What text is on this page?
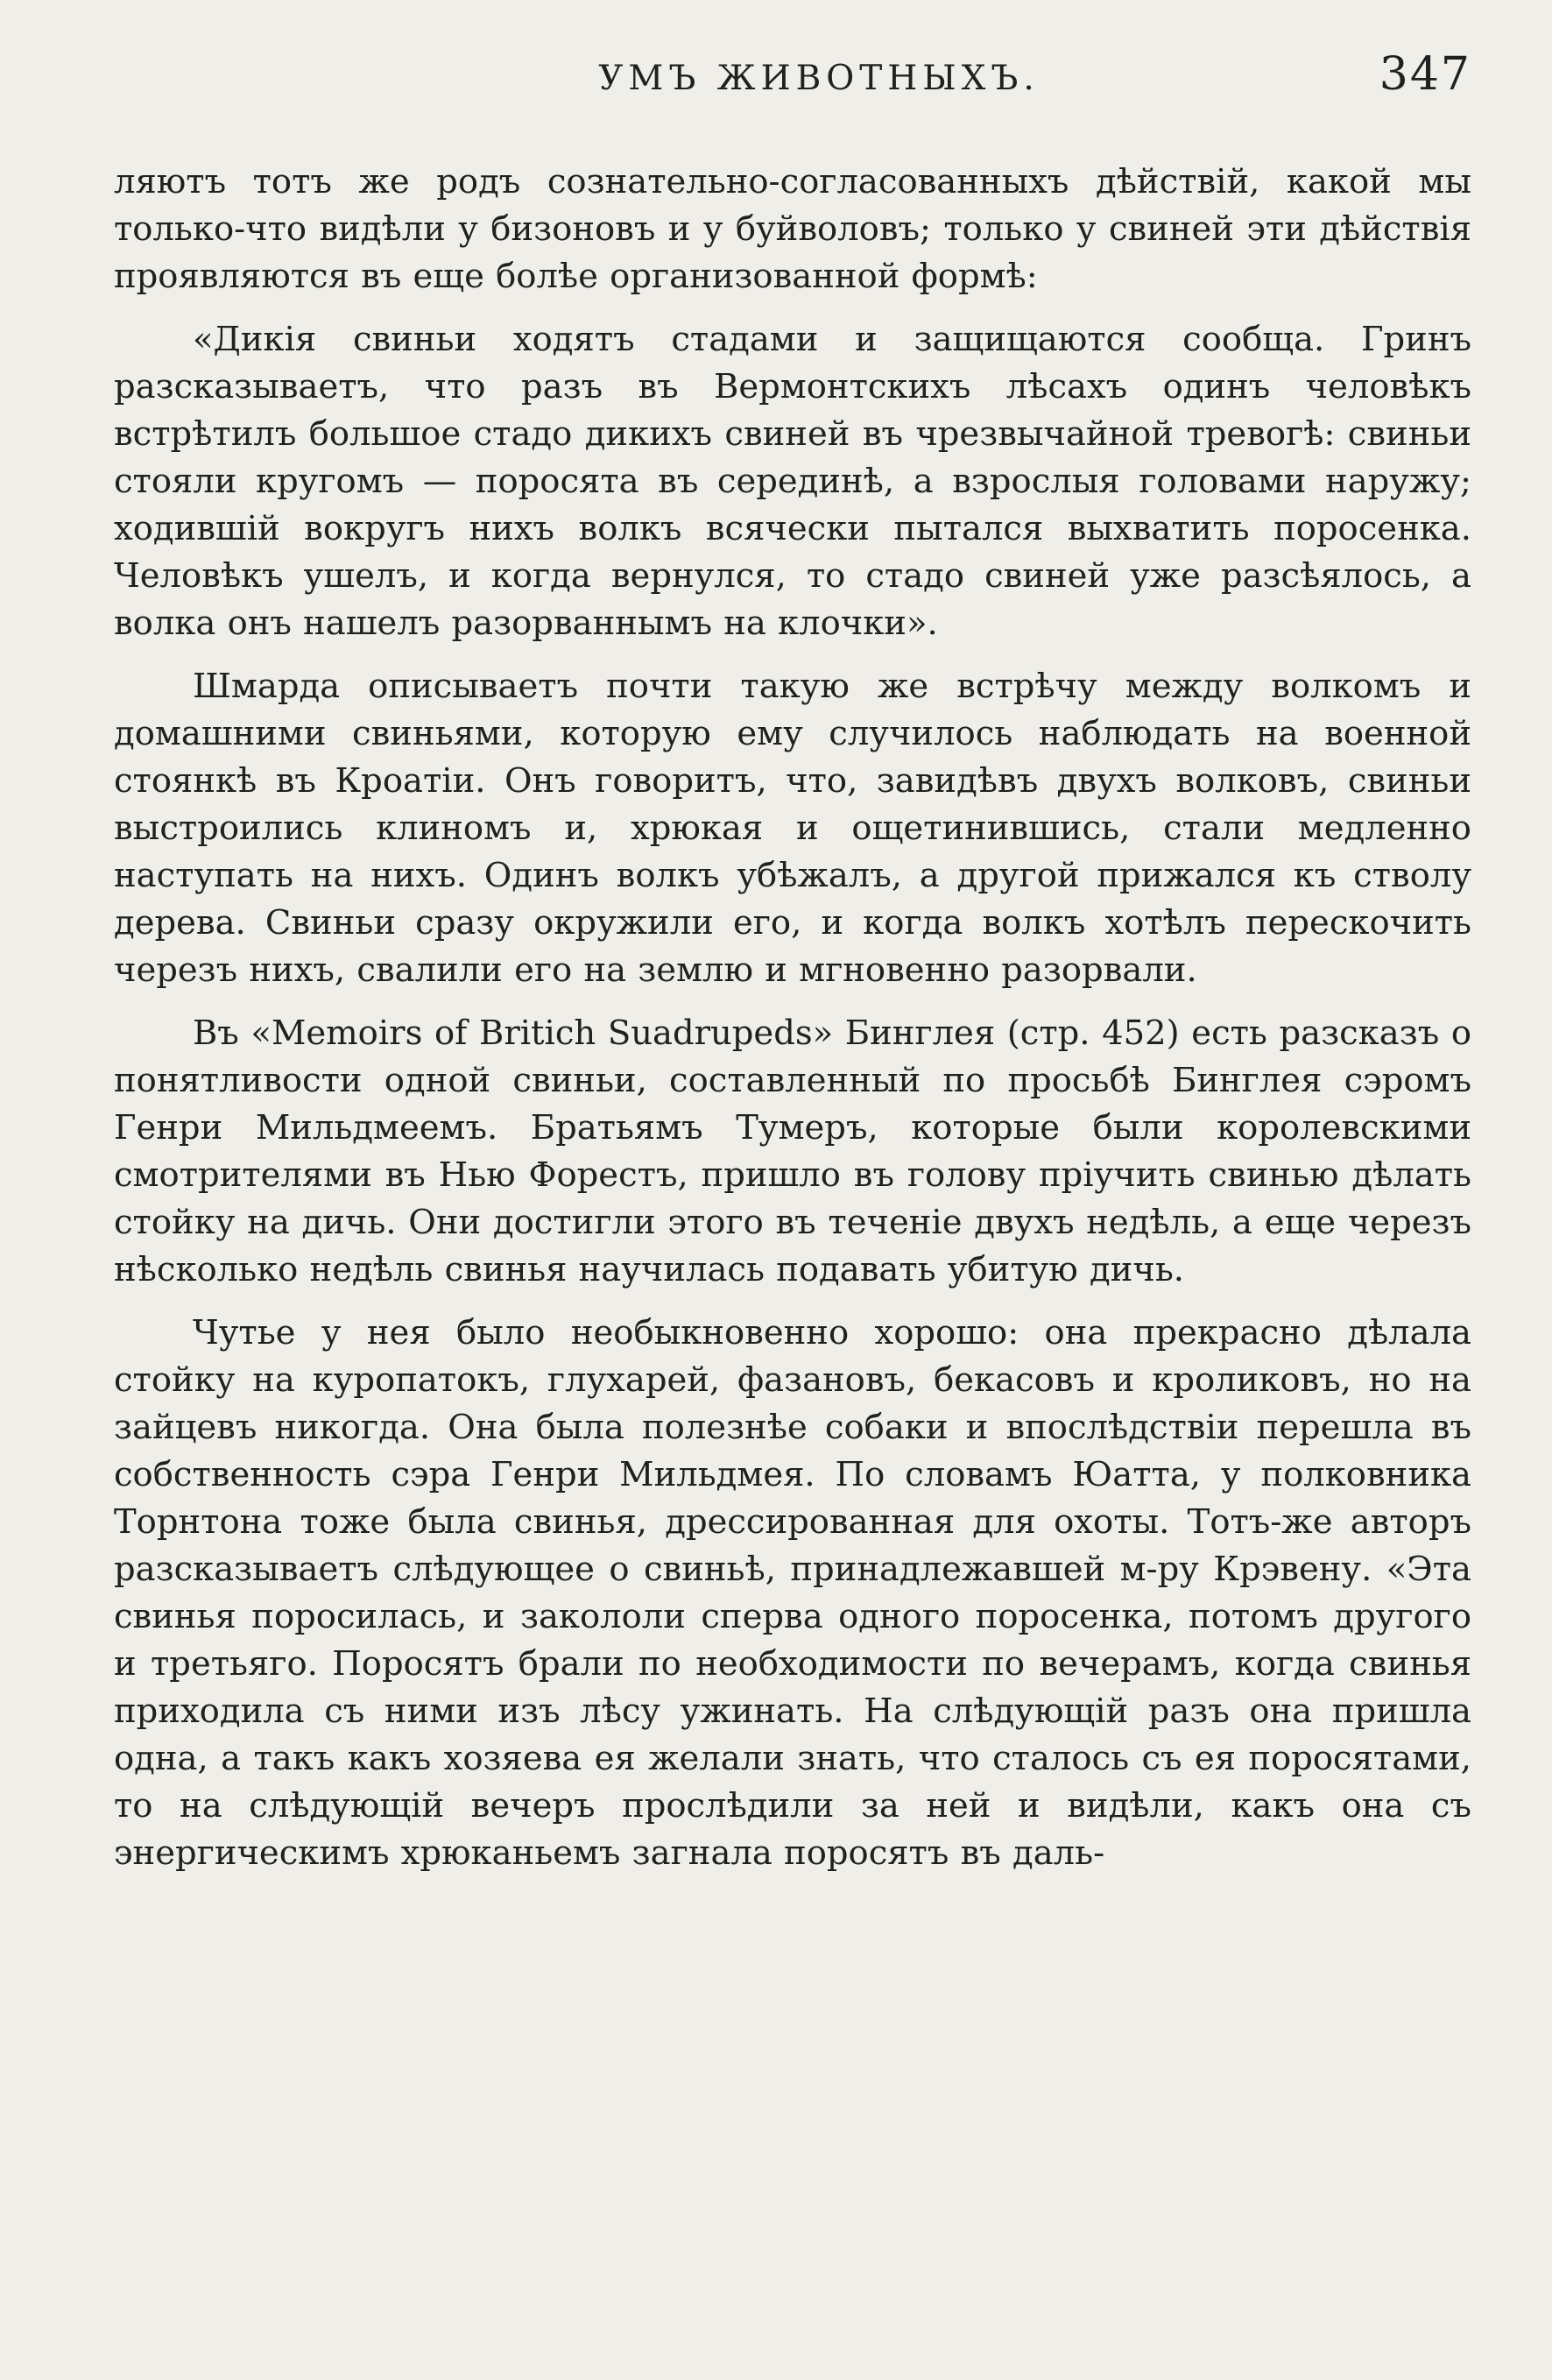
УМЪ ЖИВОТНЫХЪ.	347

ляютъ тотъ же родъ сознательно-согласованныхъ дѣйствій, какой мы только-что видѣли у бизоновъ и у буйволовъ; только у свиней эти дѣйствія проявляются въ еще болѣе организованной формѣ:

«Дикія свиньи ходятъ стадами и защищаются сообща. Гринъ разсказываетъ, что разъ въ Вермонтскихъ лѣсахъ одинъ человѣкъ встрѣтилъ большое стадо дикихъ свиней въ чрезвычайной тревогѣ: свиньи стояли кругомъ — поросята въ серединѣ, а взрослыя головами наружу; ходившій вокругъ нихъ волкъ всячески пытался выхватить поросенка. Человѣкъ ушелъ, и когда вернулся, то стадо свиней уже разсѣялось, а волка онъ нашелъ разорваннымъ на клочки».

Шмарда описываетъ почти такую же встрѣчу между волкомъ и домашними свиньями, которую ему случилось наблюдать на военной стоянкѣ въ Кроатіи. Онъ говоритъ, что, завидѣвъ двухъ волковъ, свиньи выстроились клиномъ и, хрюкая и ощетинившись, стали медленно наступать на нихъ. Одинъ волкъ убѣжалъ, а другой прижался къ стволу дерева. Свиньи сразу окружили его, и когда волкъ хотѣлъ перескочить черезъ нихъ, свалили его на землю и мгновенно разорвали.

Въ «Memoirs of Britich Ѕuadrupeds» Бинглея (стр. 452) есть разсказъ о понятливости одной свиньи, составленный по просьбѣ Бинглея сэромъ Генри Мильдмеемъ. Братьямъ Тумеръ, которые были королевскими смотрителями въ Нью Форестъ, пришло въ голову пріучить свинью дѣлать стойку на дичь. Они достигли этого въ теченіе двухъ недѣль, а еще черезъ нѣсколько недѣль свинья научилась подавать убитую дичь.

Чутье у нея было необыкновенно хорошо: она прекрасно дѣлала стойку на куропатокъ, глухарей, фазановъ, бекасовъ и кроликовъ, но на зайцевъ никогда. Она была полезнѣе собаки и впослѣдствіи перешла въ собственность сэра Генри Мильдмея. По словамъ Юатта, у полковника Торнтона тоже была свинья, дрессированная для охоты. Тотъ-же авторъ разсказываетъ слѣдующее о свиньѣ, принадлежавшей м-ру Крэвену. «Эта свинья поросилась, и закололи сперва одного поросенка, потомъ другого и третьяго. Поросятъ брали по необходимости по вечерамъ, когда свинья приходила съ ними изъ лѣсу ужинать. На слѣдующій разъ она пришла одна, а такъ какъ хозяева ея желали знать, что сталось съ ея поросятами, то на слѣдующій вечеръ прослѣдили за ней и видѣли, какъ она съ энергическимъ хрюканьемъ загнала поросятъ въ даль-
